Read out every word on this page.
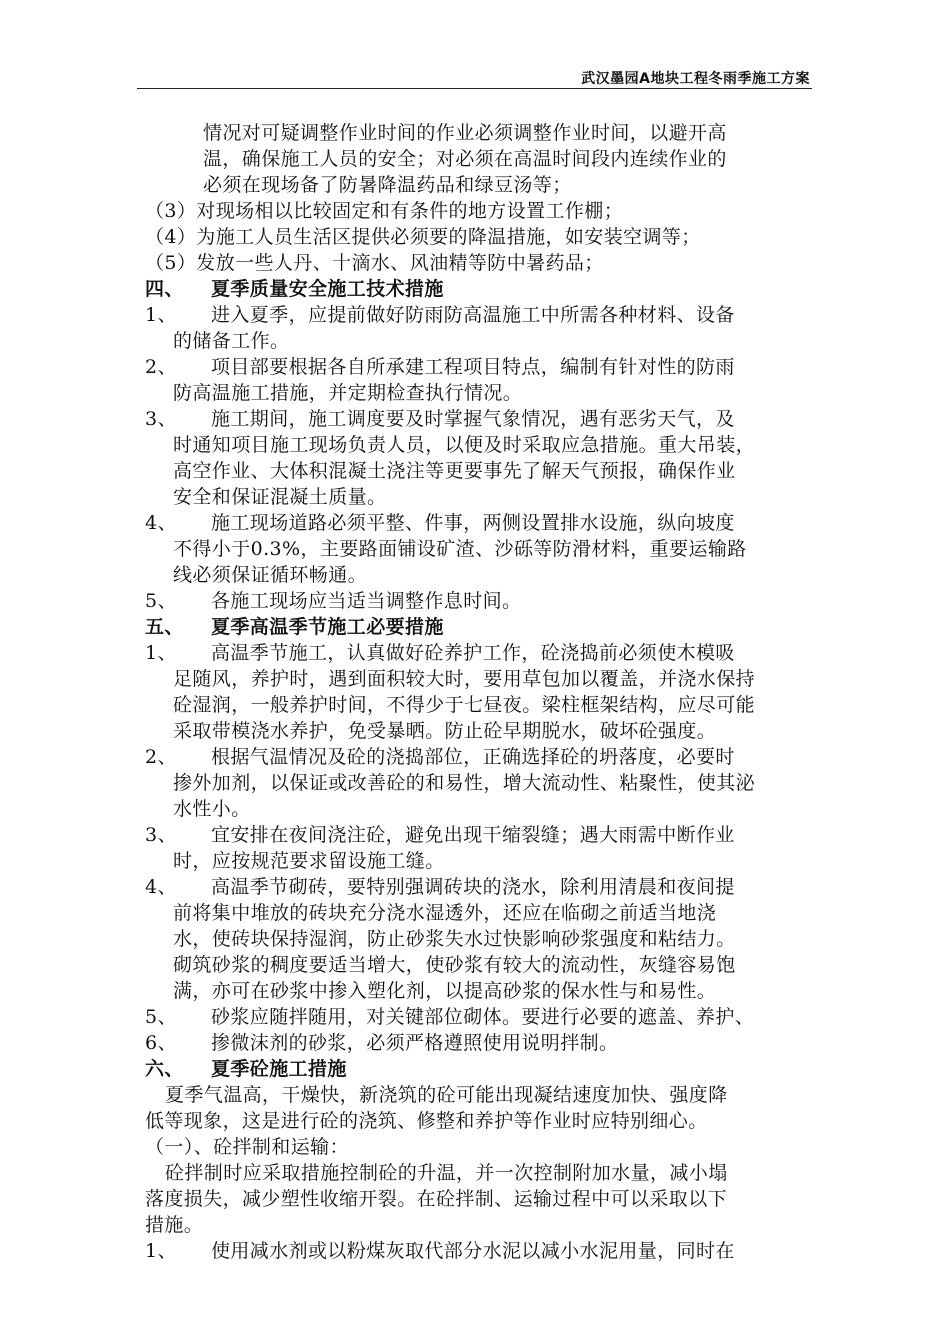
武汉墨园A地块工程冬雨季施工方案
情况对可疑调整作业时间的作业必须调整作业时间，以避开高
温，确保施工人员的安全；对必须在高温时间段内连续作业的
必须在现场备了防暑降温药品和绿豆汤等；
（3）对现场相以比较固定和有条件的地方设置工作棚；
（4）为施工人员生活区提供必须要的降温措施，如安装空调等；
（5）发放一些人丹、十滴水、风油精等防中暑药品；
四、 夏季质量安全施工技术措施
1、 进入夏季，应提前做好防雨防高温施工中所需各种材料、设备
的储备工作。
2、 项目部要根据各自所承建工程项目特点，编制有针对性的防雨
防高温施工措施，并定期检查执行情况。
3、 施工期间，施工调度要及时掌握气象情况，遇有恶劣天气，及
时通知项目施工现场负责人员，以便及时采取应急措施。重大吊装，
高空作业、大体积混凝土浇注等更要事先了解天气预报，确保作业
安全和保证混凝土质量。
4、 施工现场道路必须平整、件事，两侧设置排水设施，纵向坡度
不得小于0.3%，主要路面铺设矿渣、沙砾等防滑材料，重要运输路
线必须保证循环畅通。
5、 各施工现场应当适当调整作息时间。
五、 夏季高温季节施工必要措施
1、 高温季节施工，认真做好砼养护工作，砼浇捣前必须使木模吸
足随风，养护时，遇到面积较大时，要用草包加以覆盖，并浇水保持
砼湿润，一般养护时间，不得少于七昼夜。梁柱框架结构，应尽可能
采取带模浇水养护，免受暴晒。防止砼早期脱水，破坏砼强度。
2、 根据气温情况及砼的浇捣部位，正确选择砼的坍落度，必要时
掺外加剂，以保证或改善砼的和易性，增大流动性、粘聚性，使其泌
水性小。
3、 宜安排在夜间浇注砼，避免出现干缩裂缝；遇大雨需中断作业
时，应按规范要求留设施工缝。
4、 高温季节砌砖，要特别强调砖块的浇水，除利用清晨和夜间提
前将集中堆放的砖块充分浇水湿透外，还应在临砌之前适当地浇
水，使砖块保持湿润，防止砂浆失水过快影响砂浆强度和粘结力。
砌筑砂浆的稠度要适当增大，使砂浆有较大的流动性，灰缝容易饱
满，亦可在砂浆中掺入塑化剂，以提高砂浆的保水性与和易性。
5、 砂浆应随拌随用，对关键部位砌体。要进行必要的遮盖、养护、
6、 掺微沫剂的砂浆，必须严格遵照使用说明拌制。
六、 夏季砼施工措施
夏季气温高，干燥快，新浇筑的砼可能出现凝结速度加快、强度降
低等现象，这是进行砼的浇筑、修整和养护等作业时应特别细心。
（一）、砼拌制和运输：
砼拌制时应采取措施控制砼的升温，并一次控制附加水量，减小塌
落度损失，减少塑性收缩开裂。在砼拌制、运输过程中可以采取以下
措施。
1、 使用减水剂或以粉煤灰取代部分水泥以减小水泥用量，同时在
